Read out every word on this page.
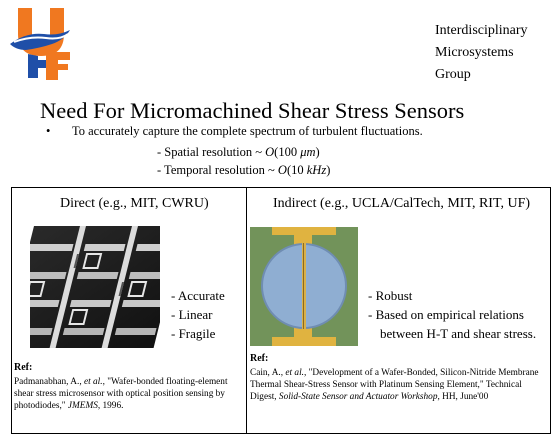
Interdisciplinary
Microsystems
Group
Need For Micromachined Shear Stress Sensors
• To accurately capture the complete spectrum of turbulent fluctuations.
- Spatial resolution ~ O(100 μm)
- Temporal resolution ~ O(10 kHz)
Direct (e.g., MIT, CWRU)
- Accurate
- Linear
- Fragile
Ref:
Padmanabhan, A., et al., "Wafer-bonded floating-element shear stress microsensor with optical position sensing by photodiodes," JMEMS, 1996.
Indirect (e.g., UCLA/CalTech, MIT, RIT, UF)
- Robust
- Based on empirical relations
between H-T and shear stress.
Ref:
Cain, A., et al., "Development of a Wafer-Bonded, Silicon-Nitride Membrane Thermal Shear-Stress Sensor with Platinum Sensing Element," Technical Digest, Solid-State Sensor and Actuator Workshop, HH, June'00
